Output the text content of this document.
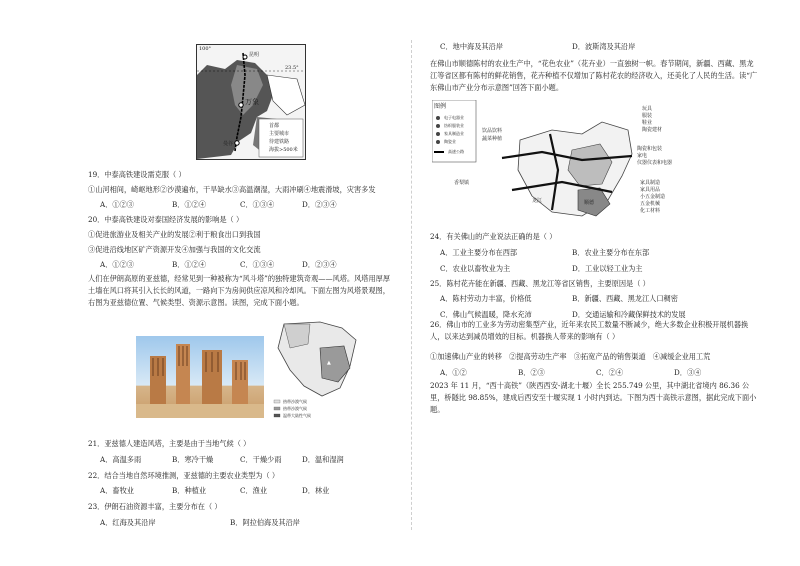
100°
昆明
23.5°
万象
曼谷
首都
主要城市
待建铁路
海拔>500米
19．中泰高铁建设需克服（ ）
①山河相间，崎岖地形②沙漠遍布，干旱缺水③高温潮湿，大雨冲刷④地震滑坡，灾害多发
A．①②③	B．①②④	C．①③④	D．②③④
20．中泰高铁建设对泰国经济发展的影响是（ ）
①促进旅游业及相关产业的发展②利于粮食出口到我国
③促进沿线地区矿产资源开发④加强与我国的文化交流
A．①②③	B．①②④	C．①③④	D．②③④
人们在伊朗高原的亚兹德，经常见到一种被称为“风斗塔”的独特建筑奇观——风塔。风塔用厚厚土墙在风口将其引入长长的风道，一路向下为房间供应凉风和冷却风。下面左图为风塔景观图，右图为亚兹德位置、气候类型、资源示意图。读图，完成下面小题。
▲
热带沙漠气候
热带沙漠气候
温带大陆性气候
21．亚兹德人建造风塔，主要是由于当地气候（ ）
A．高温多雨	B．寒冷干燥	C．干燥少雨	D．温和湿润
22．结合当地自然环境推测，亚兹德的主要农业类型为（ ）
A．畜牧业	B．种植业	C．渔业	D．林业
23．伊朗石油资源丰富，主要分布在（ ）
A．红海及其沿岸	B．阿拉伯海及其沿岸
C．地中海及其沿岸	D．波斯湾及其沿岸
在佛山市顺德陈村的农业生产中，“花色农业”（花卉业）一直独树一帜。春节期间，新疆、西藏、黑龙江等省区都有陈村的鲜花销售，花卉种植不仅增加了陈村花农的经济收入，还美化了人民的生活。读“广东佛山市产业分布示意图”回答下面小题。
图例
电子电器业
纺织服装业
家具制造业
陶瓷业
高速公路
饮品饮料
蔬菜种植
玩具
服装
鞋业
陶瓷建材
陶瓷和包装
家电
仪器仪表和电器
家具制造
家具用品
小五金制造
五金机械
化工材料
香梨镇
龙江	顺德
24．有关佛山的产业说法正确的是（ ）
A．工业主要分布在西部	B．农业主要分布在东部
C．农业以畜牧业为主	D．工业以轻工业为主
25．陈村花卉能在新疆、西藏、黑龙江等省区销售，主要原因是（ ）
A．陈村劳动力丰富，价格低	B．新疆、西藏、黑龙江人口稠密
C．佛山气候温暖，降水充沛	D．交通运输和冷藏保鲜技术的发展
26．佛山市的工业多为劳动密集型产业，近年来农民工数量不断减少，绝大多数企业积极开展机器换人，以来达到减员增效的目标。机器换人带来的影响有（ ）
①加速佛山产业的转移　②提高劳动生产率　③拓宽产品的销售渠道　④减缓企业用工荒
A．①②	B．②③	C．②④	D．③④
2023 年 11 月，“西十高铁”（陕西西安-湖北十堰）全长 255.749 公里，其中湖北省境内 86.36 公里，桥隧比 98.85%，建成后西安至十堰实现 1 小时内到达。下图为西十高铁示意图，据此完成下面小题。
